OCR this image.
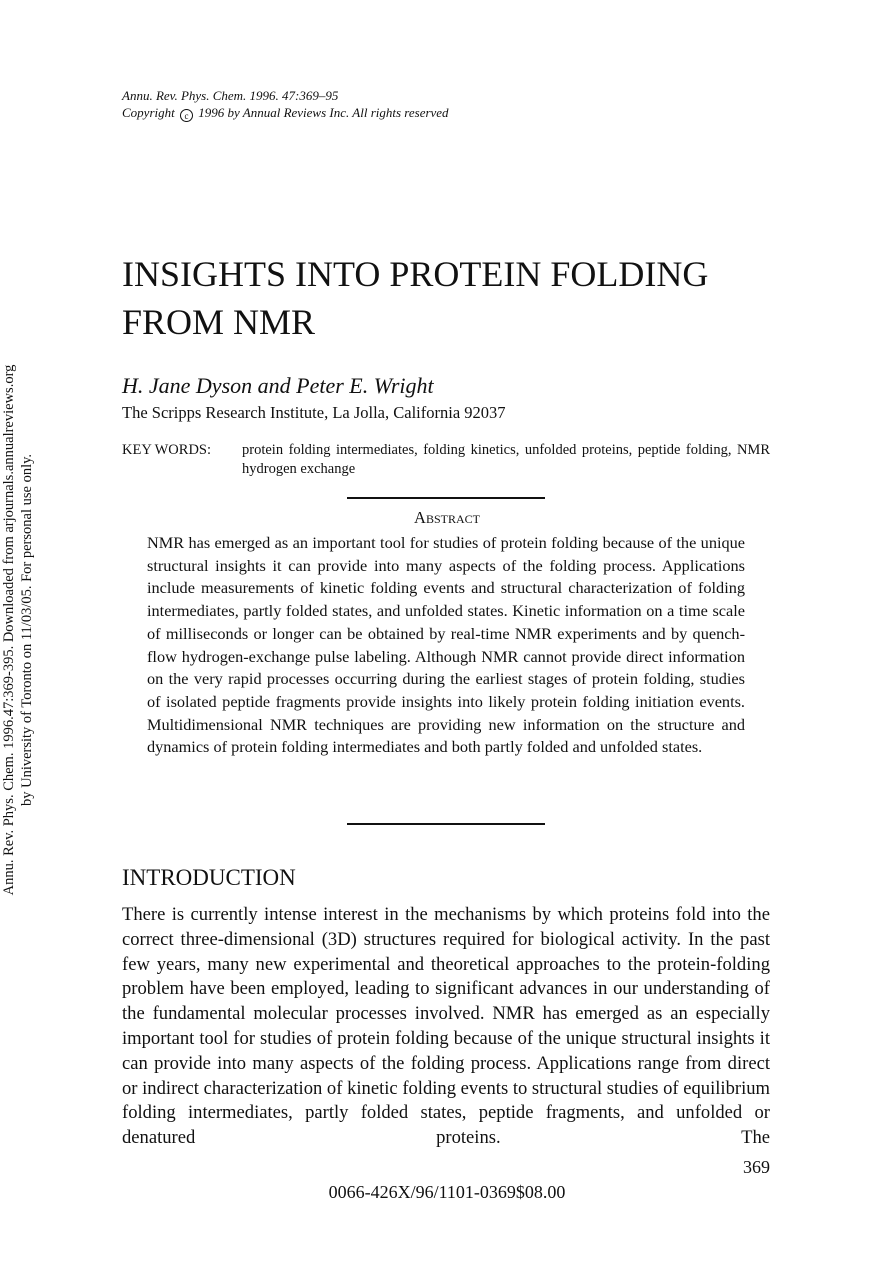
Annu. Rev. Phys. Chem. 1996. 47:369–95
Copyright c 1996 by Annual Reviews Inc. All rights reserved
Annu. Rev. Phys. Chem. 1996.47:369-395. Downloaded from arjournals.annualreviews.org by University of Toronto on 11/03/05. For personal use only.
INSIGHTS INTO PROTEIN FOLDING FROM NMR
H. Jane Dyson and Peter E. Wright
The Scripps Research Institute, La Jolla, California 92037
KEY WORDS: protein folding intermediates, folding kinetics, unfolded proteins, peptide folding, NMR hydrogen exchange
Abstract

NMR has emerged as an important tool for studies of protein folding because of the unique structural insights it can provide into many aspects of the folding process. Applications include measurements of kinetic folding events and structural characterization of folding intermediates, partly folded states, and unfolded states. Kinetic information on a time scale of milliseconds or longer can be obtained by real-time NMR experiments and by quench-flow hydrogen-exchange pulse labeling. Although NMR cannot provide direct information on the very rapid processes occurring during the earliest stages of protein folding, studies of isolated peptide fragments provide insights into likely protein folding initiation events. Multidimensional NMR techniques are providing new information on the structure and dynamics of protein folding intermediates and both partly folded and unfolded states.

INTRODUCTION

There is currently intense interest in the mechanisms by which proteins fold into the correct three-dimensional (3D) structures required for biological activity. In the past few years, many new experimental and theoretical approaches to the protein-folding problem have been employed, leading to significant advances in our understanding of the fundamental molecular processes involved. NMR has emerged as an especially important tool for studies of protein folding because of the unique structural insights it can provide into many aspects of the folding process. Applications range from direct or indirect characterization of kinetic folding events to structural studies of equilibrium folding intermediates, partly folded states, peptide fragments, and unfolded or denatured proteins. The

369
0066-426X/96/1101-0369$08.00
